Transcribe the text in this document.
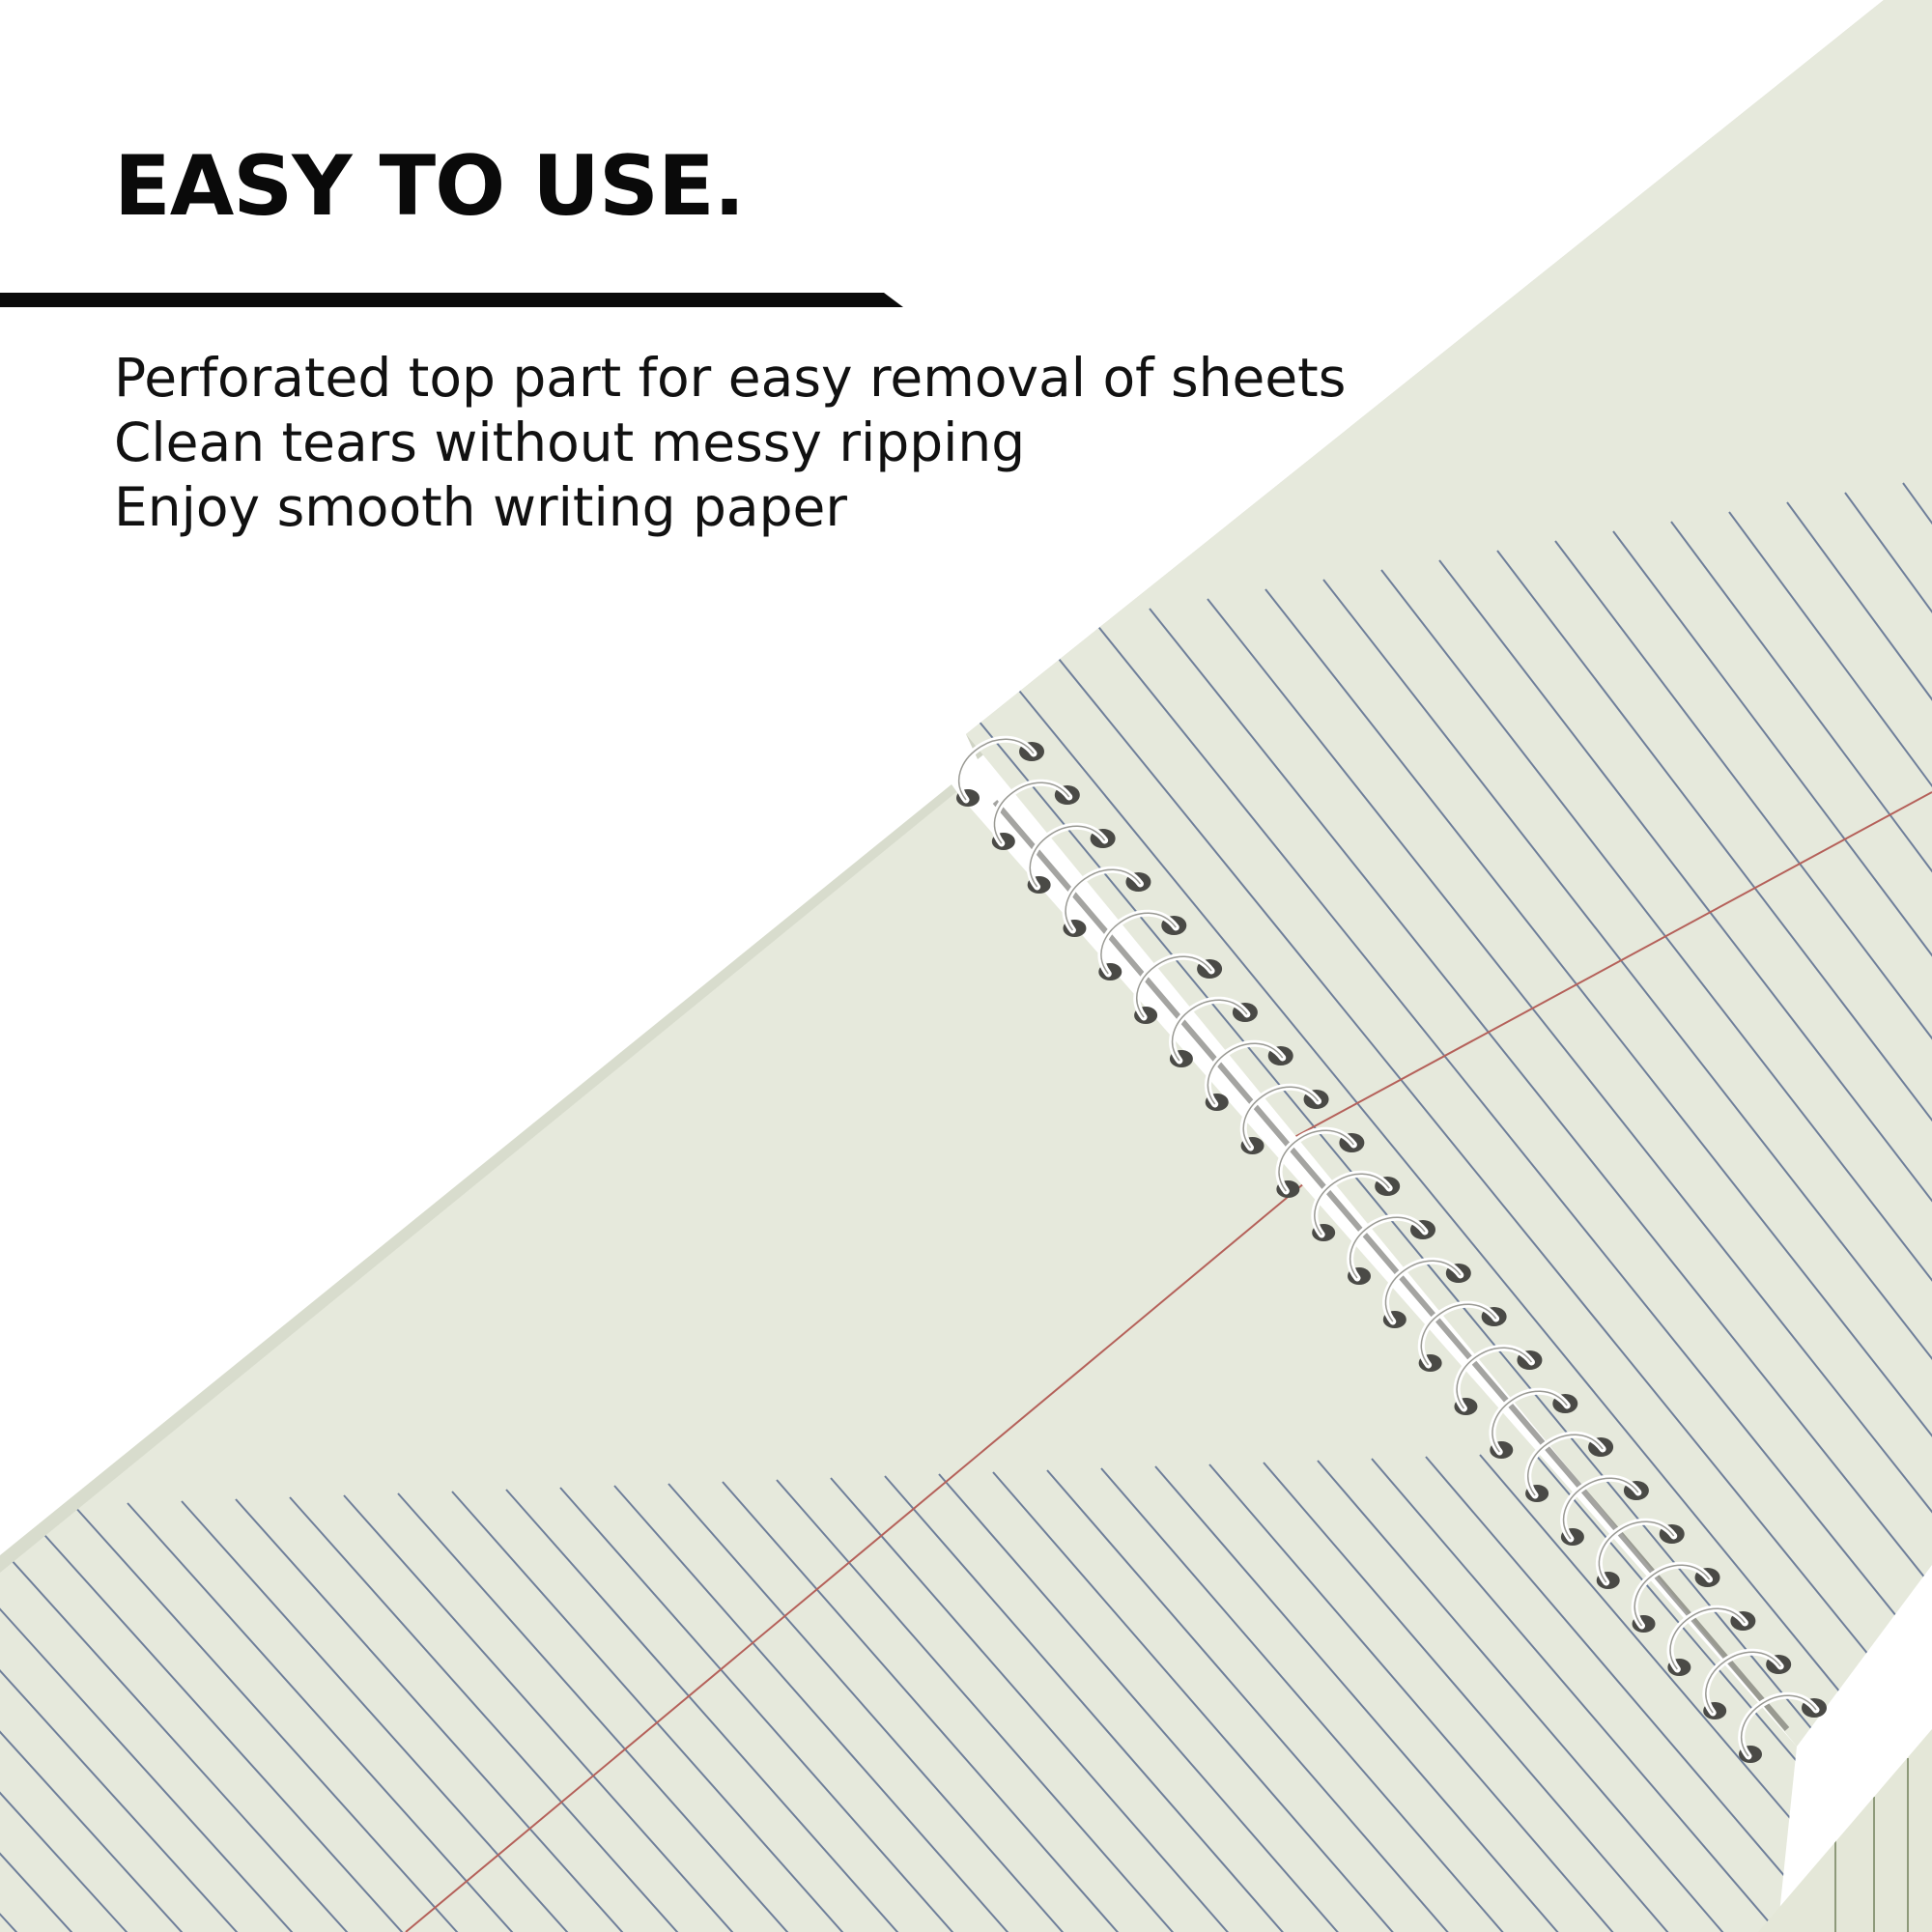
EASY TO USE.
Perforated top part for easy removal of sheets
Clean tears without messy ripping
Enjoy smooth writing paper
